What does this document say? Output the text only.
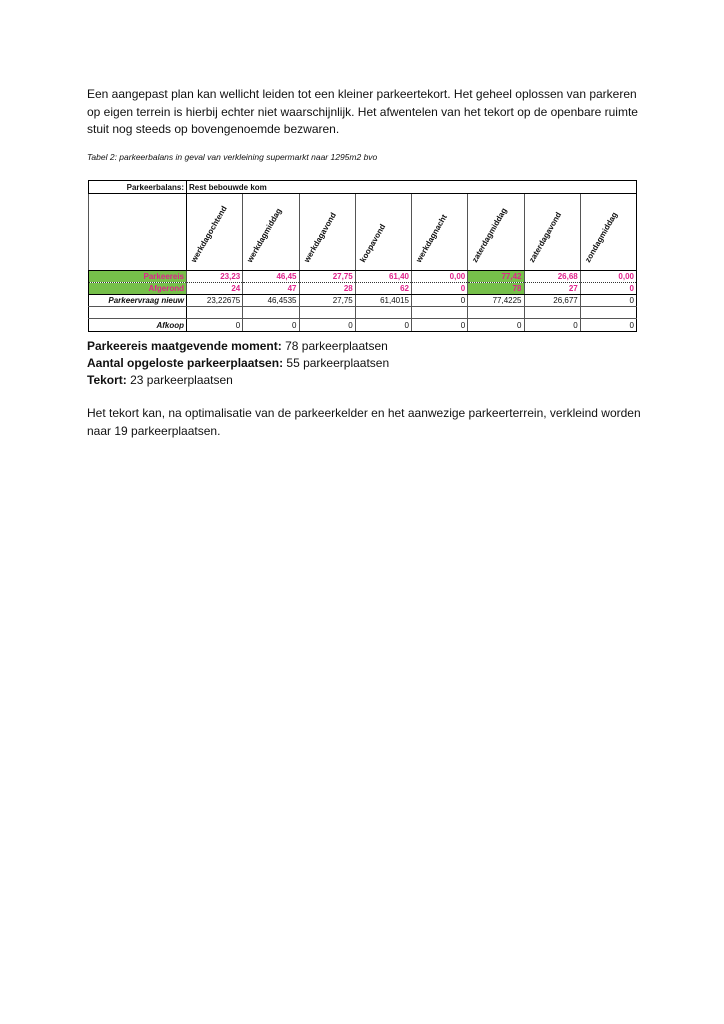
Een aangepast plan kan wellicht leiden tot een kleiner parkeertekort. Het geheel oplossen van parkeren op eigen terrein is hierbij echter niet waarschijnlijk. Het afwentelen van het tekort op de openbare ruimte stuit nog steeds op bovengenoemde bezwaren.

Tabel 2: parkeerbalans in geval van verkleining supermarkt naar 1295m2 bvo

Parkeerbalans:	Rest bebouwde kom							

	werkdagochtend	werkdagmiddag	werkdagavond	koopavond	werkdagnacht	zaterdagmiddag	zaterdagavond	zondagmiddag

Parkeereis	23,23	46,45	27,75	61,40	0,00	77,42	26,68	0,00
Afgerond	24	47	28	62	0	78	27	0
Parkeervraag nieuw	23,22675	46,4535	27,75	61,4015	0	77,4225	26,677	0

Afkoop	0	0	0	0	0	0	0	0
Parkeereis maatgevende moment: 78 parkeerplaatsen
Aantal opgeloste parkeerplaatsen: 55 parkeerplaatsen
Tekort: 23 parkeerplaatsen

Het tekort kan, na optimalisatie van de parkeerkelder en het aanwezige parkeerterrein, verkleind worden naar 19 parkeerplaatsen.
